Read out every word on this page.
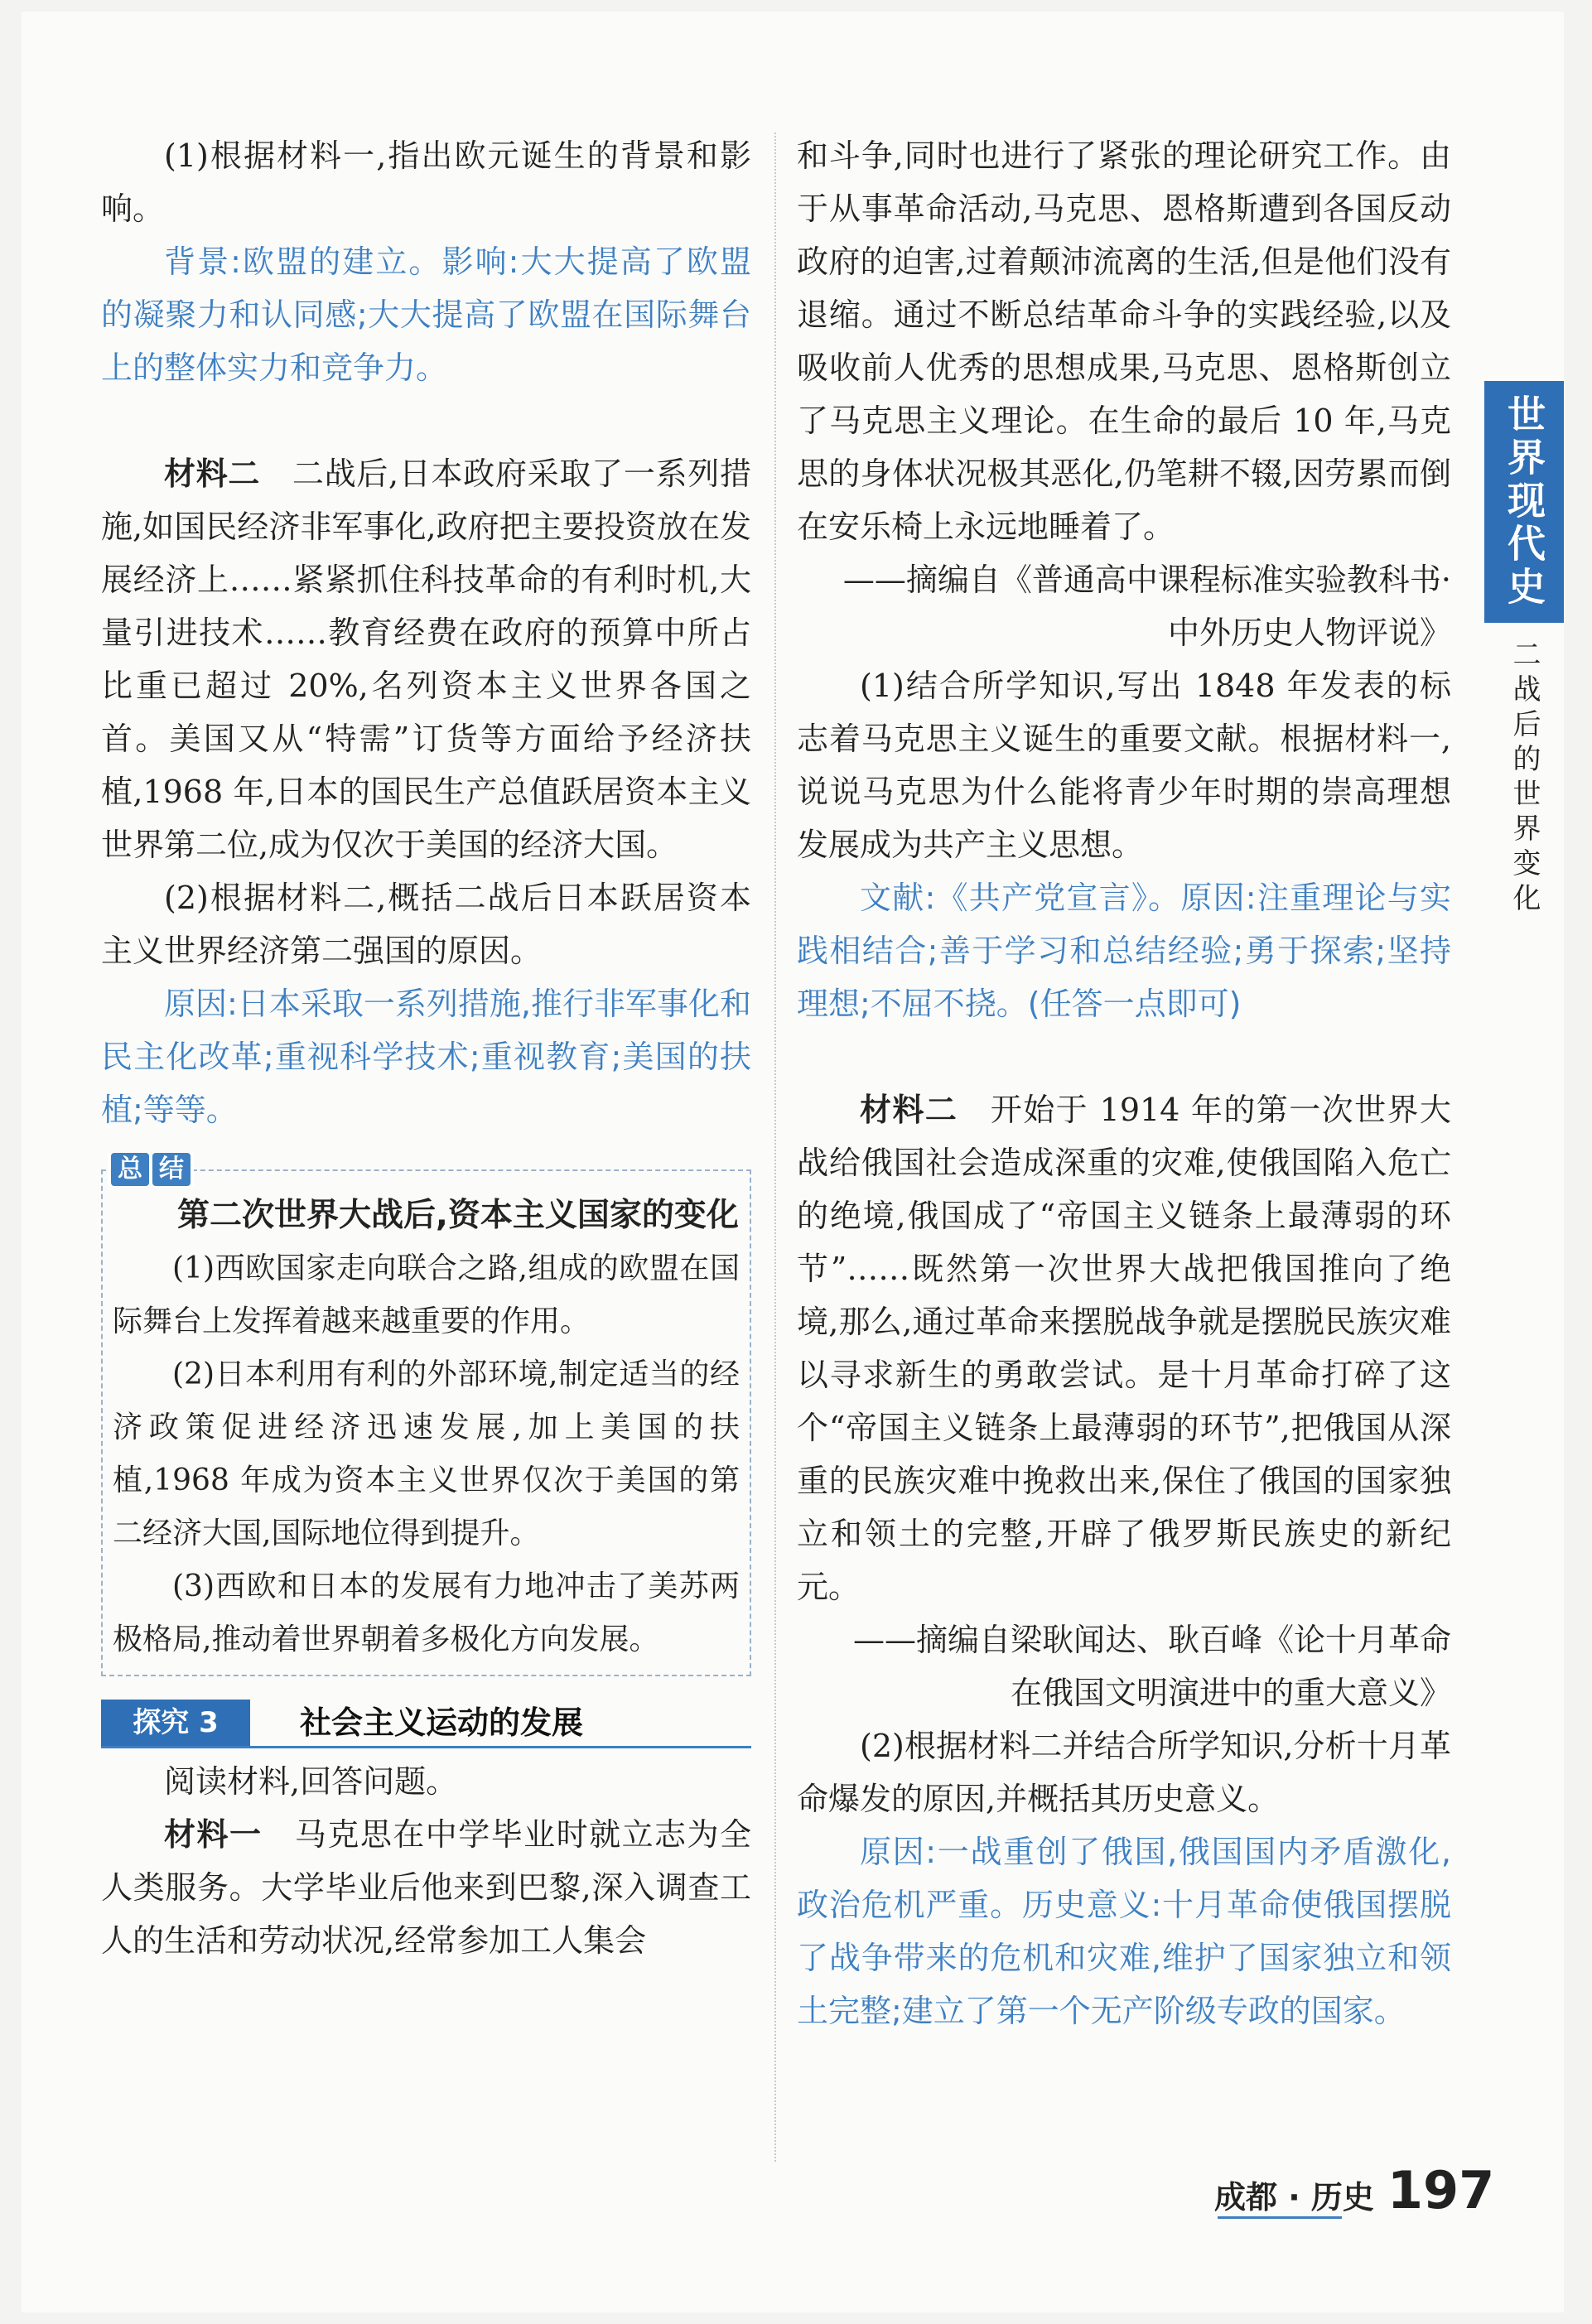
世界现代史
二战后的世界变化

(1)根据材料一,指出欧元诞生的背景和影响。

背景:欧盟的建立。影响:大大提高了欧盟的凝聚力和认同感;大大提高了欧盟在国际舞台上的整体实力和竞争力。

材料二　二战后,日本政府采取了一系列措施,如国民经济非军事化,政府把主要投资放在发展经济上……紧紧抓住科技革命的有利时机,大量引进技术……教育经费在政府的预算中所占比重已超过 20%,名列资本主义世界各国之首。美国又从“特需”订货等方面给予经济扶植,1968 年,日本的国民生产总值跃居资本主义世界第二位,成为仅次于美国的经济大国。

(2)根据材料二,概括二战后日本跃居资本主义世界经济第二强国的原因。

原因:日本采取一系列措施,推行非军事化和民主化改革;重视科学技术;重视教育;美国的扶植;等等。

总 结

第二次世界大战后,资本主义国家的变化

(1)西欧国家走向联合之路,组成的欧盟在国际舞台上发挥着越来越重要的作用。

(2)日本利用有利的外部环境,制定适当的经济政策促进经济迅速发展,加上美国的扶植,1968 年成为资本主义世界仅次于美国的第二经济大国,国际地位得到提升。

(3)西欧和日本的发展有力地冲击了美苏两极格局,推动着世界朝着多极化方向发展。

探究 3	社会主义运动的发展

阅读材料,回答问题。

材料一　马克思在中学毕业时就立志为全人类服务。大学毕业后他来到巴黎,深入调查工人的生活和劳动状况,经常参加工人集会

和斗争,同时也进行了紧张的理论研究工作。由于从事革命活动,马克思、恩格斯遭到各国反动政府的迫害,过着颠沛流离的生活,但是他们没有退缩。通过不断总结革命斗争的实践经验,以及吸收前人优秀的思想成果,马克思、恩格斯创立了马克思主义理论。在生命的最后 10 年,马克思的身体状况极其恶化,仍笔耕不辍,因劳累而倒在安乐椅上永远地睡着了。

——摘编自《普通高中课程标准实验教科书·

中外历史人物评说》

(1)结合所学知识,写出 1848 年发表的标志着马克思主义诞生的重要文献。根据材料一,说说马克思为什么能将青少年时期的崇高理想发展成为共产主义思想。

文献:《共产党宣言》。原因:注重理论与实践相结合;善于学习和总结经验;勇于探索;坚持理想;不屈不挠。(任答一点即可)

材料二　开始于 1914 年的第一次世界大战给俄国社会造成深重的灾难,使俄国陷入危亡的绝境,俄国成了“帝国主义链条上最薄弱的环节”……既然第一次世界大战把俄国推向了绝境,那么,通过革命来摆脱战争就是摆脱民族灾难以寻求新生的勇敢尝试。是十月革命打碎了这个“帝国主义链条上最薄弱的环节”,把俄国从深重的民族灾难中挽救出来,保住了俄国的国家独立和领土的完整,开辟了俄罗斯民族史的新纪元。

——摘编自梁耿闻达、耿百峰《论十月革命

在俄国文明演进中的重大意义》

(2)根据材料二并结合所学知识,分析十月革命爆发的原因,并概括其历史意义。

原因:一战重创了俄国,俄国国内矛盾激化,政治危机严重。历史意义:十月革命使俄国摆脱了战争带来的危机和灾难,维护了国家独立和领土完整;建立了第一个无产阶级专政的国家。

成都 · 历史 197
